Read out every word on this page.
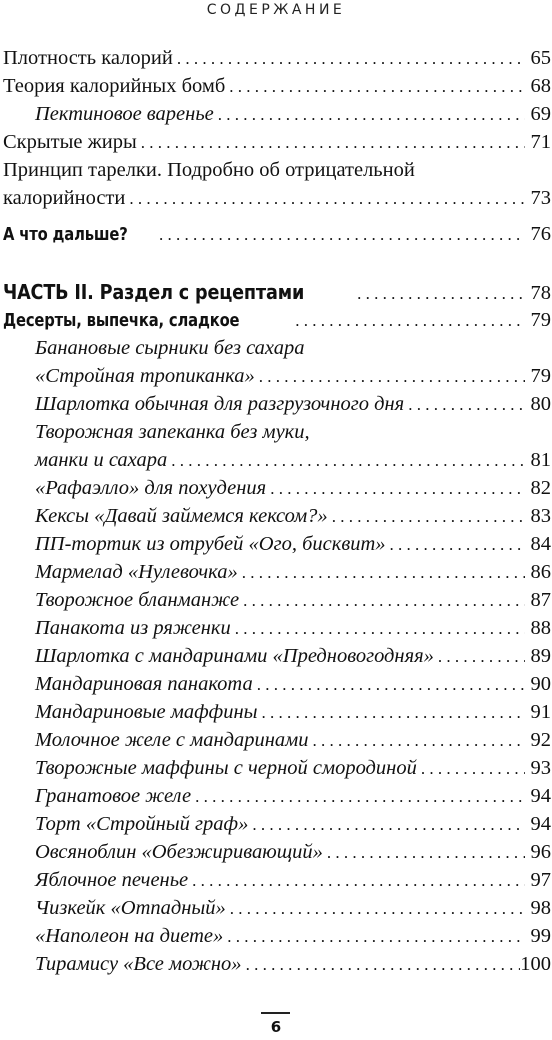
СОДЕРЖАНИЕ
Плотность калорий . . .	65
Теория калорийных бомб . . .	68
Пектиновое варенье . . .	69
Скрытые жиры . . .	71
Принцип тарелки. Подробно об отрицательной
калорийности . . .	73
А что дальше? . . .	76
ЧАСТЬ II. Раздел с рецептами . . .	78
Десерты, выпечка, сладкое . . .	79
Банановые сырники без сахара
«Стройная тропиканка» . . .	79
Шарлотка обычная для разгрузочного дня . . .	80
Творожная запеканка без муки,
манки и сахара . . .	81
«Рафаэлло» для похудения . . .	82
Кексы «Давай займемся кексом?» . . .	83
ПП-тортик из отрубей «Ого, бисквит» . . .	84
Мармелад «Нулевочка» . . .	86
Творожное бланманже . . .	87
Панакота из ряженки . . .	88
Шарлотка с мандаринами «Предновогодняя» . . .	89
Мандариновая панакота . . .	90
Мандариновые маффины . . .	91
Молочное желе с мандаринами . . .	92
Творожные маффины с черной смородиной . . .	93
Гранатовое желе . . .	94
Торт «Стройный граф» . . .	94
Овсяноблин «Обезжиривающий» . . .	96
Яблочное печенье . . .	97
Чизкейк «Отпадный» . . .	98
«Наполеон на диете» . . .	99
Тирамису «Все можно» . . .	100
6
